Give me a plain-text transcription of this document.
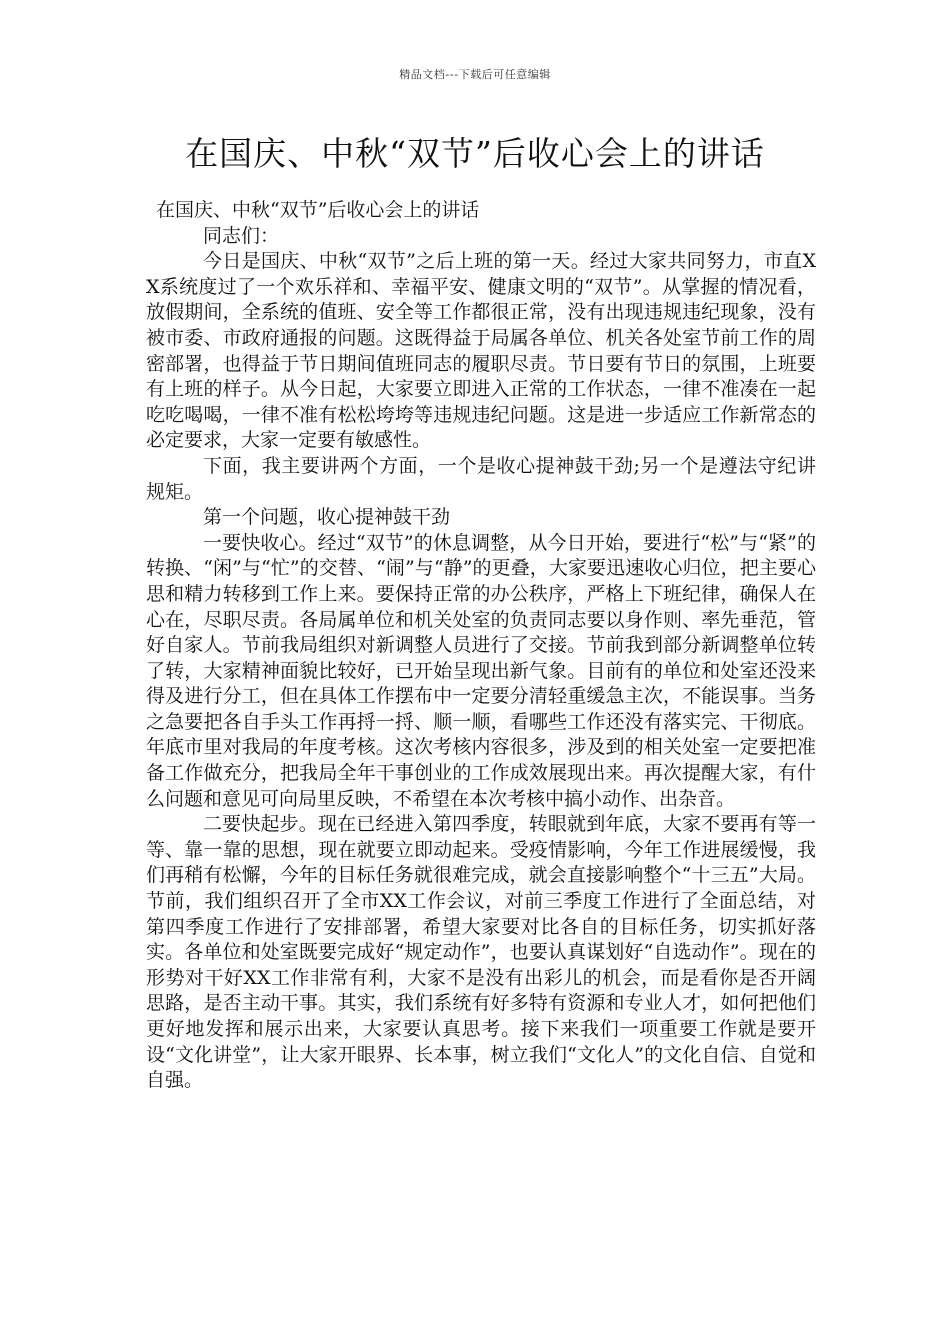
精品文档---下载后可任意编辑
在国庆、中秋“双节”后收心会上的讲话

在国庆、中秋“双节”后收心会上的讲话

同志们：

今日是国庆、中秋“双节”之后上班的第一天。经过大家共同努力，市直XX系统度过了一个欢乐祥和、幸福平安、健康文明的“双节”。从掌握的情况看，放假期间，全系统的值班、安全等工作都很正常，没有出现违规违纪现象，没有被市委、市政府通报的问题。这既得益于局属各单位、机关各处室节前工作的周密部署，也得益于节日期间值班同志的履职尽责。节日要有节日的氛围，上班要有上班的样子。从今日起，大家要立即进入正常的工作状态，一律不准凑在一起吃吃喝喝，一律不准有松松垮垮等违规违纪问题。这是进一步适应工作新常态的必定要求，大家一定要有敏感性。

下面，我主要讲两个方面，一个是收心提神鼓干劲;另一个是遵法守纪讲规矩。

第一个问题，收心提神鼓干劲

一要快收心。经过“双节”的休息调整，从今日开始，要进行“松”与“紧”的转换、“闲”与“忙”的交替、“闹”与“静”的更叠，大家要迅速收心归位，把主要心思和精力转移到工作上来。要保持正常的办公秩序，严格上下班纪律，确保人在心在，尽职尽责。各局属单位和机关处室的负责同志要以身作则、率先垂范，管好自家人。节前我局组织对新调整人员进行了交接。节前我到部分新调整单位转了转，大家精神面貌比较好，已开始呈现出新气象。目前有的单位和处室还没来得及进行分工，但在具体工作摆布中一定要分清轻重缓急主次，不能误事。当务之急要把各自手头工作再捋一捋、顺一顺，看哪些工作还没有落实完、干彻底。年底市里对我局的年度考核。这次考核内容很多，涉及到的相关处室一定要把准备工作做充分，把我局全年干事创业的工作成效展现出来。再次提醒大家，有什么问题和意见可向局里反映，不希望在本次考核中搞小动作、出杂音。

二要快起步。现在已经进入第四季度，转眼就到年底，大家不要再有等一等、靠一靠的思想，现在就要立即动起来。受疫情影响，今年工作进展缓慢，我们再稍有松懈，今年的目标任务就很难完成，就会直接影响整个“十三五”大局。节前，我们组织召开了全市XX工作会议，对前三季度工作进行了全面总结，对第四季度工作进行了安排部署，希望大家要对比各自的目标任务，切实抓好落实。各单位和处室既要完成好“规定动作”，也要认真谋划好“自选动作”。现在的形势对干好XX工作非常有利，大家不是没有出彩儿的机会，而是看你是否开阔思路，是否主动干事。其实，我们系统有好多特有资源和专业人才，如何把他们更好地发挥和展示出来，大家要认真思考。接下来我们一项重要工作就是要开设“文化讲堂”，让大家开眼界、长本事，树立我们“文化人”的文化自信、自觉和自强。
